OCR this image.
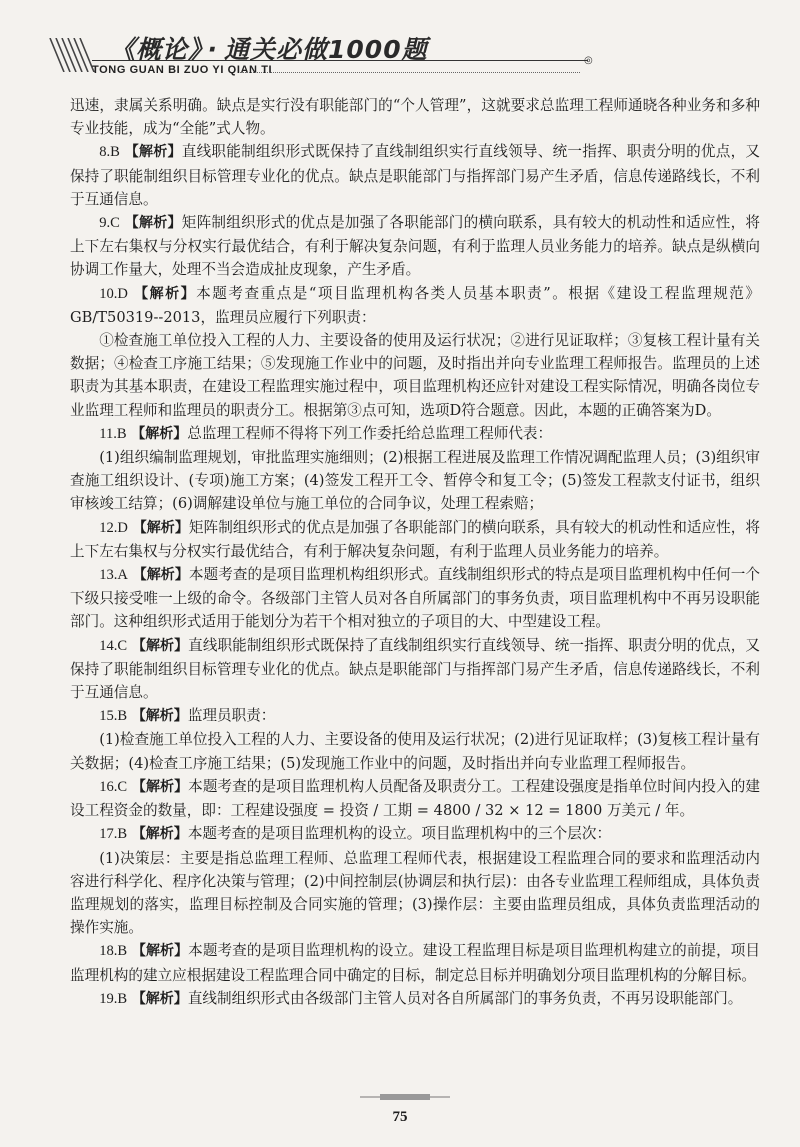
《概论》 · 通关必做1000题
TONG GUAN BI ZUO YI QIAN TI
◎

迅速，隶属关系明确。缺点是实行没有职能部门的“个人管理”，这就要求总监理工程师通晓各种业务和多种专业技能，成为“全能”式人物。

8.B 【解析】直线职能制组织形式既保持了直线制组织实行直线领导、统一指挥、职责分明的优点，又保持了职能制组织目标管理专业化的优点。缺点是职能部门与指挥部门易产生矛盾，信息传递路线长，不利于互通信息。

9.C 【解析】矩阵制组织形式的优点是加强了各职能部门的横向联系，具有较大的机动性和适应性，将上下左右集权与分权实行最优结合，有利于解决复杂问题，有利于监理人员业务能力的培养。缺点是纵横向协调工作量大，处理不当会造成扯皮现象，产生矛盾。

10.D 【解析】本题考查重点是“项目监理机构各类人员基本职责”。根据《建设工程监理规范》GB/T50319--2013，监理员应履行下列职责：

①检查施工单位投入工程的人力、主要设备的使用及运行状况；②进行见证取样；③复核工程计量有关数据；④检查工序施工结果；⑤发现施工作业中的问题，及时指出并向专业监理工程师报告。监理员的上述职责为其基本职责，在建设工程监理实施过程中，项目监理机构还应针对建设工程实际情况，明确各岗位专业监理工程师和监理员的职责分工。根据第③点可知，选项D符合题意。因此，本题的正确答案为D。

11.B 【解析】总监理工程师不得将下列工作委托给总监理工程师代表：

(1)组织编制监理规划，审批监理实施细则；(2)根据工程进展及监理工作情况调配监理人员；(3)组织审查施工组织设计、(专项)施工方案；(4)签发工程开工令、暂停令和复工令；(5)签发工程款支付证书，组织审核竣工结算；(6)调解建设单位与施工单位的合同争议，处理工程索赔；

12.D 【解析】矩阵制组织形式的优点是加强了各职能部门的横向联系，具有较大的机动性和适应性，将上下左右集权与分权实行最优结合，有利于解决复杂问题，有利于监理人员业务能力的培养。

13.A 【解析】本题考查的是项目监理机构组织形式。直线制组织形式的特点是项目监理机构中任何一个下级只接受唯一上级的命令。各级部门主管人员对各自所属部门的事务负责，项目监理机构中不再另设职能部门。这种组织形式适用于能划分为若干个相对独立的子项目的大、中型建设工程。

14.C 【解析】直线职能制组织形式既保持了直线制组织实行直线领导、统一指挥、职责分明的优点，又保持了职能制组织目标管理专业化的优点。缺点是职能部门与指挥部门易产生矛盾，信息传递路线长，不利于互通信息。

15.B 【解析】监理员职责：

(1)检查施工单位投入工程的人力、主要设备的使用及运行状况；(2)进行见证取样；(3)复核工程计量有关数据；(4)检查工序施工结果；(5)发现施工作业中的问题，及时指出并向专业监理工程师报告。

16.C 【解析】本题考查的是项目监理机构人员配备及职责分工。工程建设强度是指单位时间内投入的建设工程资金的数量，即：工程建设强度 = 投资 / 工期 = 4800 / 32 × 12 = 1800 万美元 / 年。

17.B 【解析】本题考查的是项目监理机构的设立。项目监理机构中的三个层次：

(1)决策层：主要是指总监理工程师、总监理工程师代表，根据建设工程监理合同的要求和监理活动内容进行科学化、程序化决策与管理；(2)中间控制层(协调层和执行层)：由各专业监理工程师组成，具体负责监理规划的落实，监理目标控制及合同实施的管理；(3)操作层：主要由监理员组成，具体负责监理活动的操作实施。

18.B 【解析】本题考查的是项目监理机构的设立。建设工程监理目标是项目监理机构建立的前提，项目监理机构的建立应根据建设工程监理合同中确定的目标，制定总目标并明确划分项目监理机构的分解目标。

19.B 【解析】直线制组织形式由各级部门主管人员对各自所属部门的事务负责，不再另设职能部门。

75
